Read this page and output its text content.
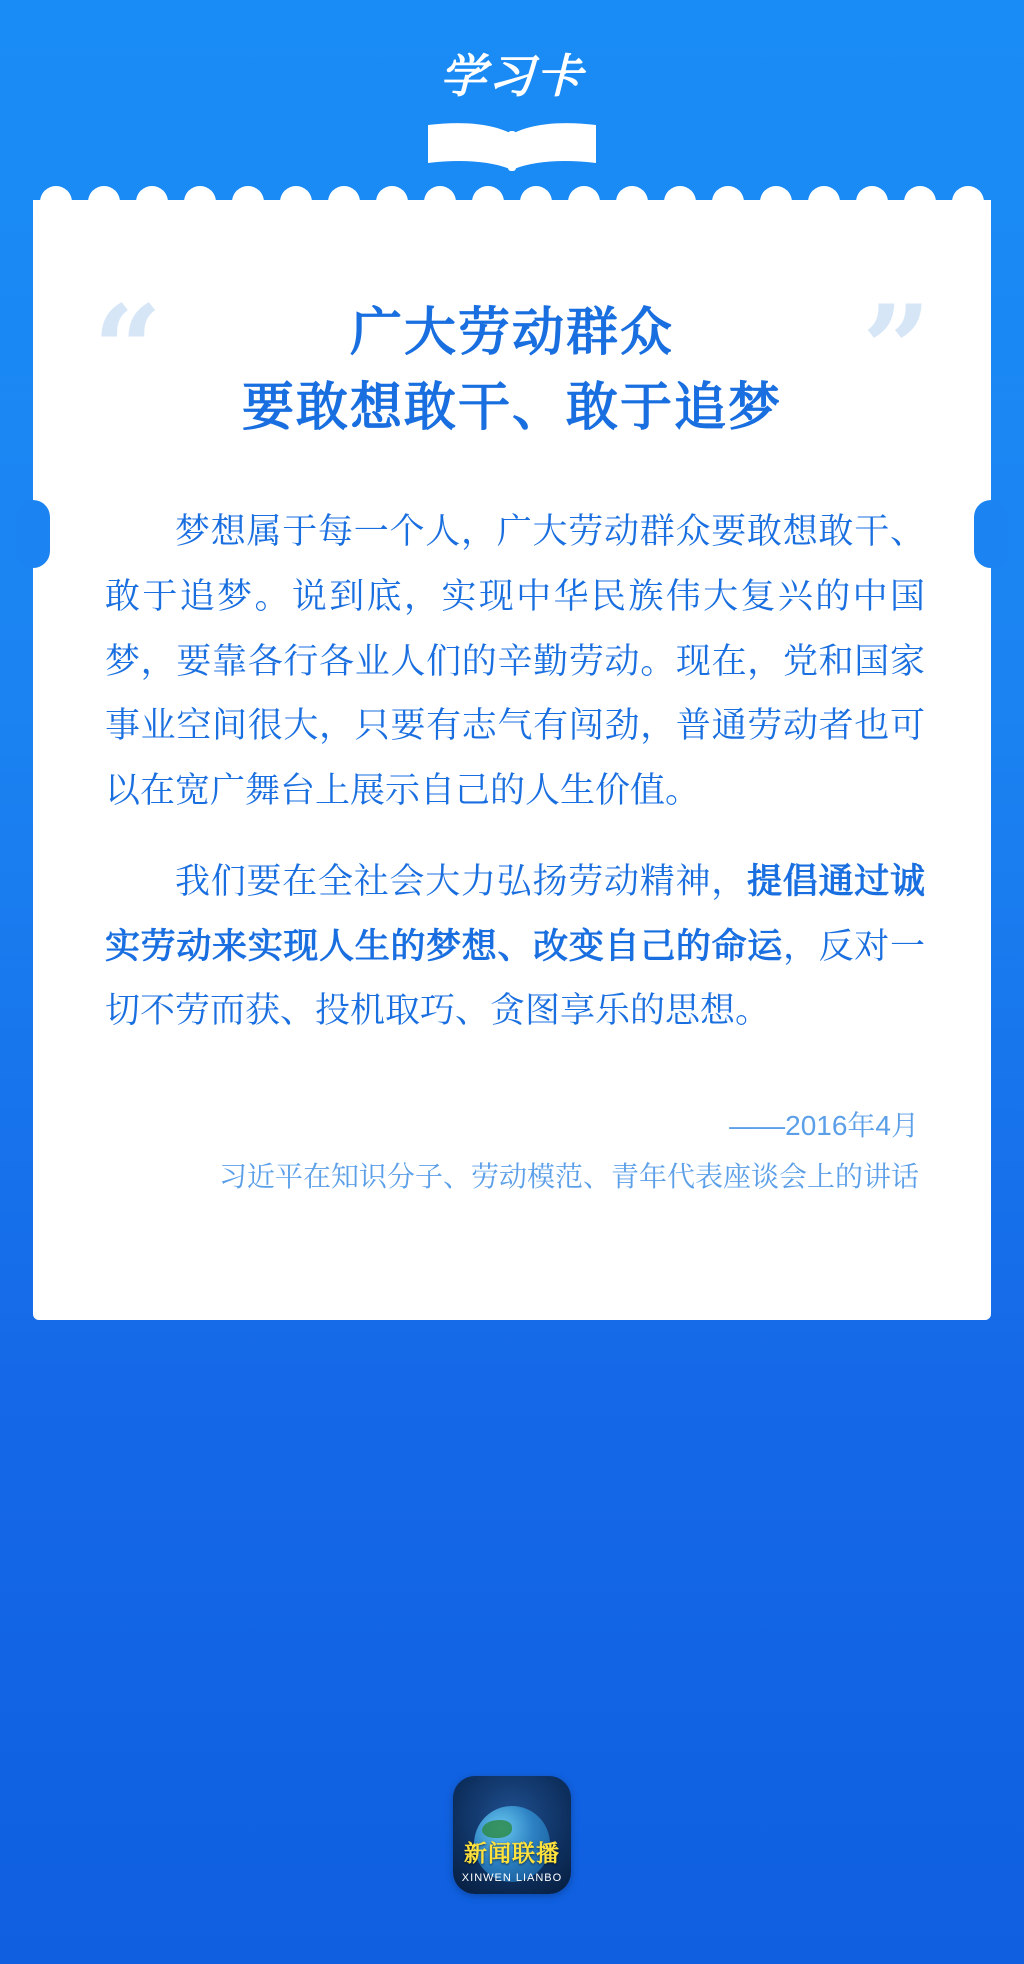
学习卡
“	”
广大劳动群众
要敢想敢干、敢于追梦

梦想属于每一个人，广大劳动群众要敢想敢干、敢于追梦。说到底，实现中华民族伟大复兴的中国梦，要靠各行各业人们的辛勤劳动。现在，党和国家事业空间很大，只要有志气有闯劲，普通劳动者也可以在宽广舞台上展示自己的人生价值。

我们要在全社会大力弘扬劳动精神，提倡通过诚实劳动来实现人生的梦想、改变自己的命运，反对一切不劳而获、投机取巧、贪图享乐的思想。

——2016年4月
习近平在知识分子、劳动模范、青年代表座谈会上的讲话
新闻联播
XINWEN LIANBO
